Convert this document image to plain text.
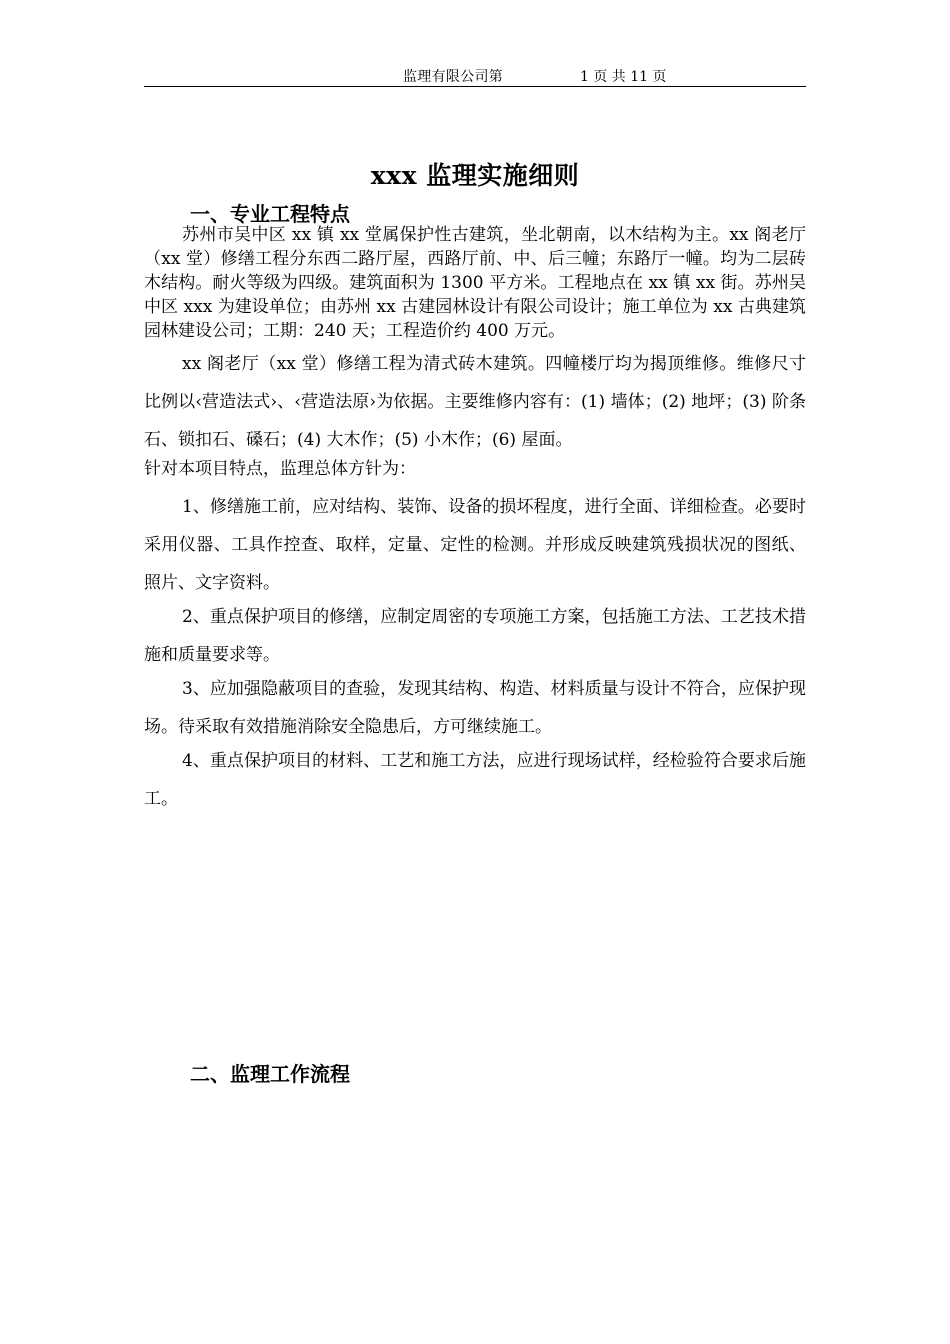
监理有限公司第	1 页 共 11 页
xxx 监理实施细则
一、专业工程特点
苏州市吴中区 xx 镇 xx 堂属保护性古建筑，坐北朝南，以木结构为主。xx 阁老厅（xx 堂）修缮工程分东西二路厅屋，西路厅前、中、后三幢；东路厅一幢。均为二层砖木结构。耐火等级为四级。建筑面积为 1300 平方米。工程地点在 xx 镇 xx 街。苏州吴中区 xxx 为建设单位；由苏州 xx 古建园林设计有限公司设计；施工单位为 xx 古典建筑园林建设公司；工期：240 天；工程造价约 400 万元。
xx 阁老厅（xx 堂）修缮工程为清式砖木建筑。四幢楼厅均为揭顶维修。维修尺寸比例以‹营造法式›、‹营造法原›为依据。主要维修内容有：(1) 墙体；(2) 地坪；(3) 阶条石、锁扣石、磉石；(4) 大木作；(5) 小木作；(6) 屋面。
针对本项目特点，监理总体方针为：
1、修缮施工前，应对结构、装饰、设备的损坏程度，进行全面、详细检查。必要时采用仪器、工具作控查、取样，定量、定性的检测。并形成反映建筑残损状况的图纸、照片、文字资料。
2、重点保护项目的修缮，应制定周密的专项施工方案，包括施工方法、工艺技术措施和质量要求等。
3、应加强隐蔽项目的查验，发现其结构、构造、材料质量与设计不符合，应保护现场。待采取有效措施消除安全隐患后，方可继续施工。
4、重点保护项目的材料、工艺和施工方法，应进行现场试样，经检验符合要求后施工。
二、监理工作流程
